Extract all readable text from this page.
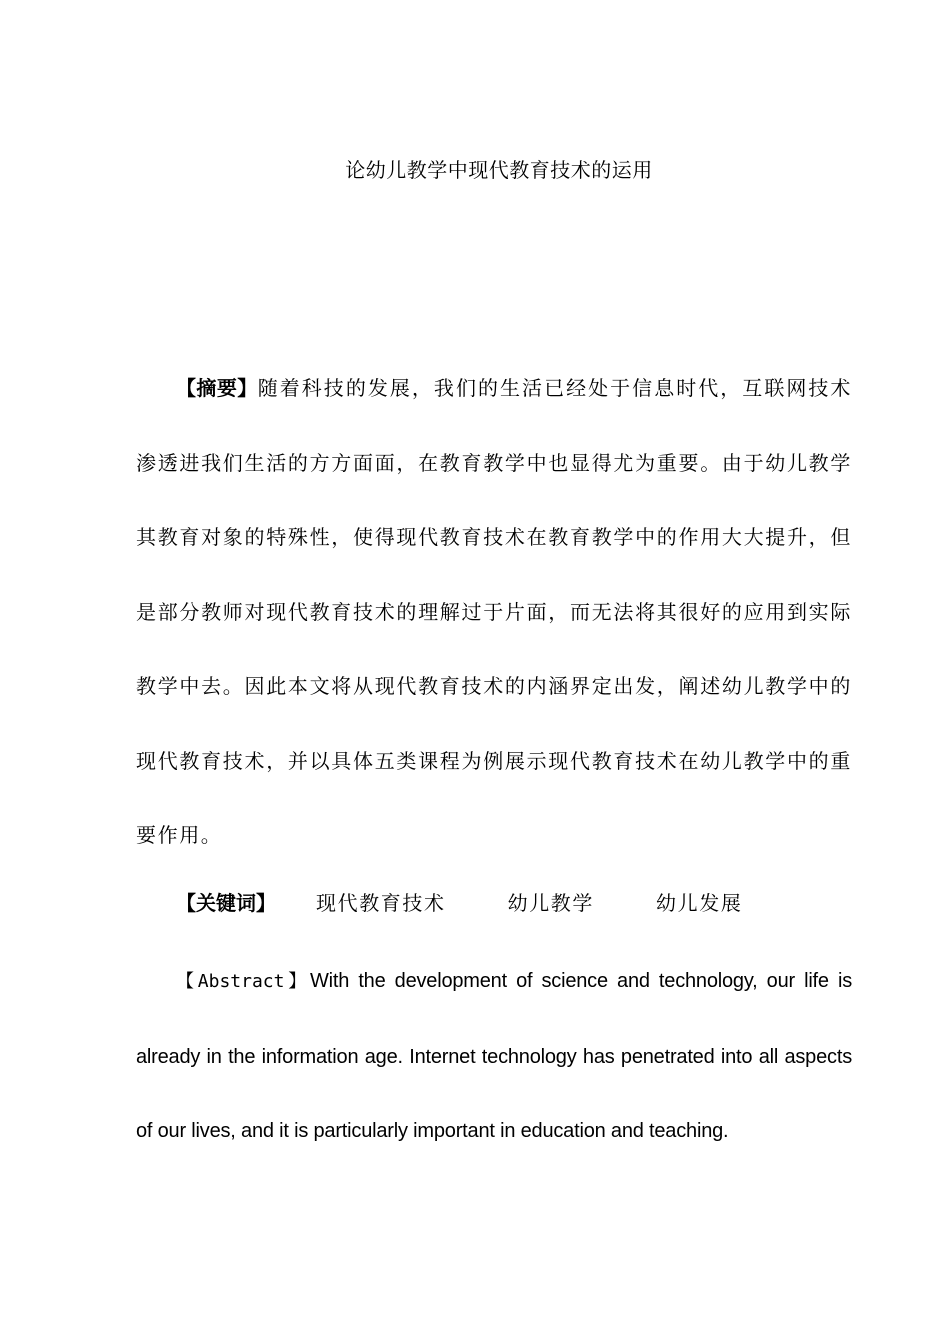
论幼儿教学中现代教育技术的运用
【摘要】随着科技的发展，我们的生活已经处于信息时代，互联网技术渗透进我们生活的方方面面，在教育教学中也显得尤为重要。由于幼儿教学其教育对象的特殊性，使得现代教育技术在教育教学中的作用大大提升，但是部分教师对现代教育技术的理解过于片面，而无法将其很好的应用到实际教学中去。因此本文将从现代教育技术的内涵界定出发，阐述幼儿教学中的现代教育技术，并以具体五类课程为例展示现代教育技术在幼儿教学中的重要作用。
【关键词】 现代教育技术	幼儿教学	幼儿发展
【Abstract】With the development of science and technology, our life is already in the information age. Internet technology has penetrated into all aspects of our lives, and it is particularly important in education and teaching.
